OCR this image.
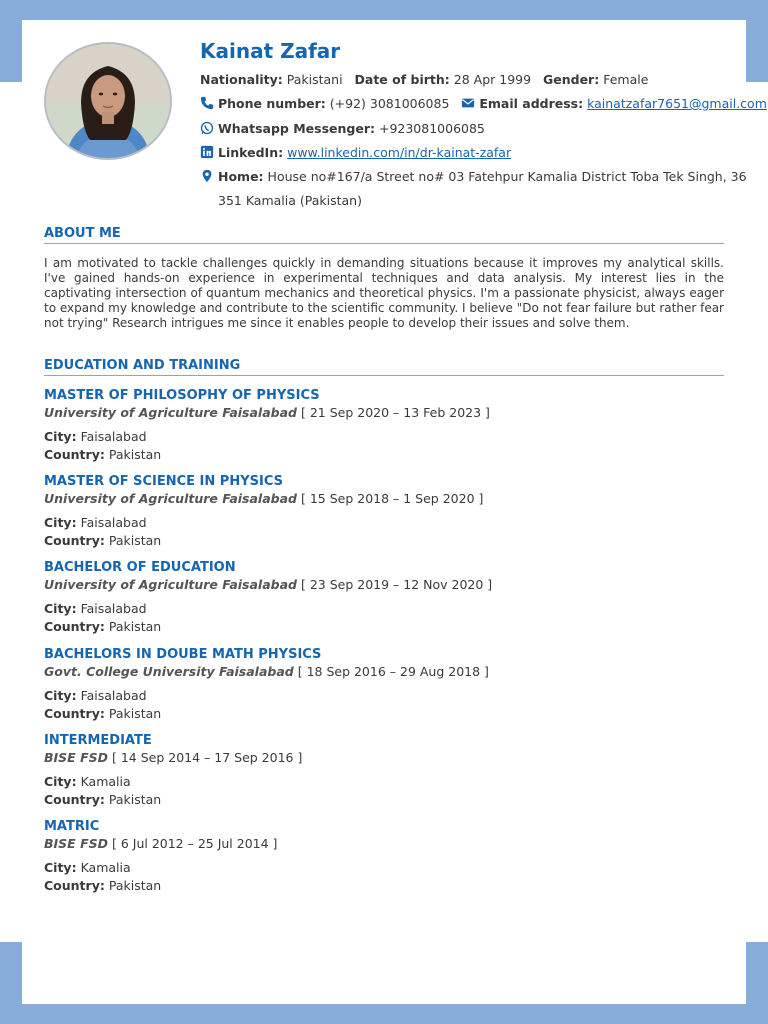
Kainat Zafar
Nationality: Pakistani Date of birth: 28 Apr 1999 Gender: Female
Phone number: (+92) 3081006085 Email address: kainatzafar7651@gmail.com
Whatsapp Messenger: +923081006085
LinkedIn: www.linkedin.com/in/dr-kainat-zafar
Home: House no#167/a Street no# 03 Fatehpur Kamalia District Toba Tek Singh, 36
351 Kamalia (Pakistan)
ABOUT ME
I am motivated to tackle challenges quickly in demanding situations because it improves my analytical skills. I've gained hands-on experience in experimental techniques and data analysis. My interest lies in the captivating intersection of quantum mechanics and theoretical physics. I'm a passionate physicist, always eager to expand my knowledge and contribute to the scientific community. I believe "Do not fear failure but rather fear not trying" Research intrigues me since it enables people to develop their issues and solve them.
EDUCATION AND TRAINING
MASTER OF PHILOSOPHY OF PHYSICS
University of Agriculture Faisalabad [ 21 Sep 2020 – 13 Feb 2023 ]
City: Faisalabad
Country: Pakistan
MASTER OF SCIENCE IN PHYSICS
University of Agriculture Faisalabad [ 15 Sep 2018 – 1 Sep 2020 ]
City: Faisalabad
Country: Pakistan
BACHELOR OF EDUCATION
University of Agriculture Faisalabad [ 23 Sep 2019 – 12 Nov 2020 ]
City: Faisalabad
Country: Pakistan
BACHELORS IN DOUBE MATH PHYSICS
Govt. College University Faisalabad [ 18 Sep 2016 – 29 Aug 2018 ]
City: Faisalabad
Country: Pakistan
INTERMEDIATE
BISE FSD [ 14 Sep 2014 – 17 Sep 2016 ]
City: Kamalia
Country: Pakistan
MATRIC
BISE FSD [ 6 Jul 2012 – 25 Jul 2014 ]
City: Kamalia
Country: Pakistan
